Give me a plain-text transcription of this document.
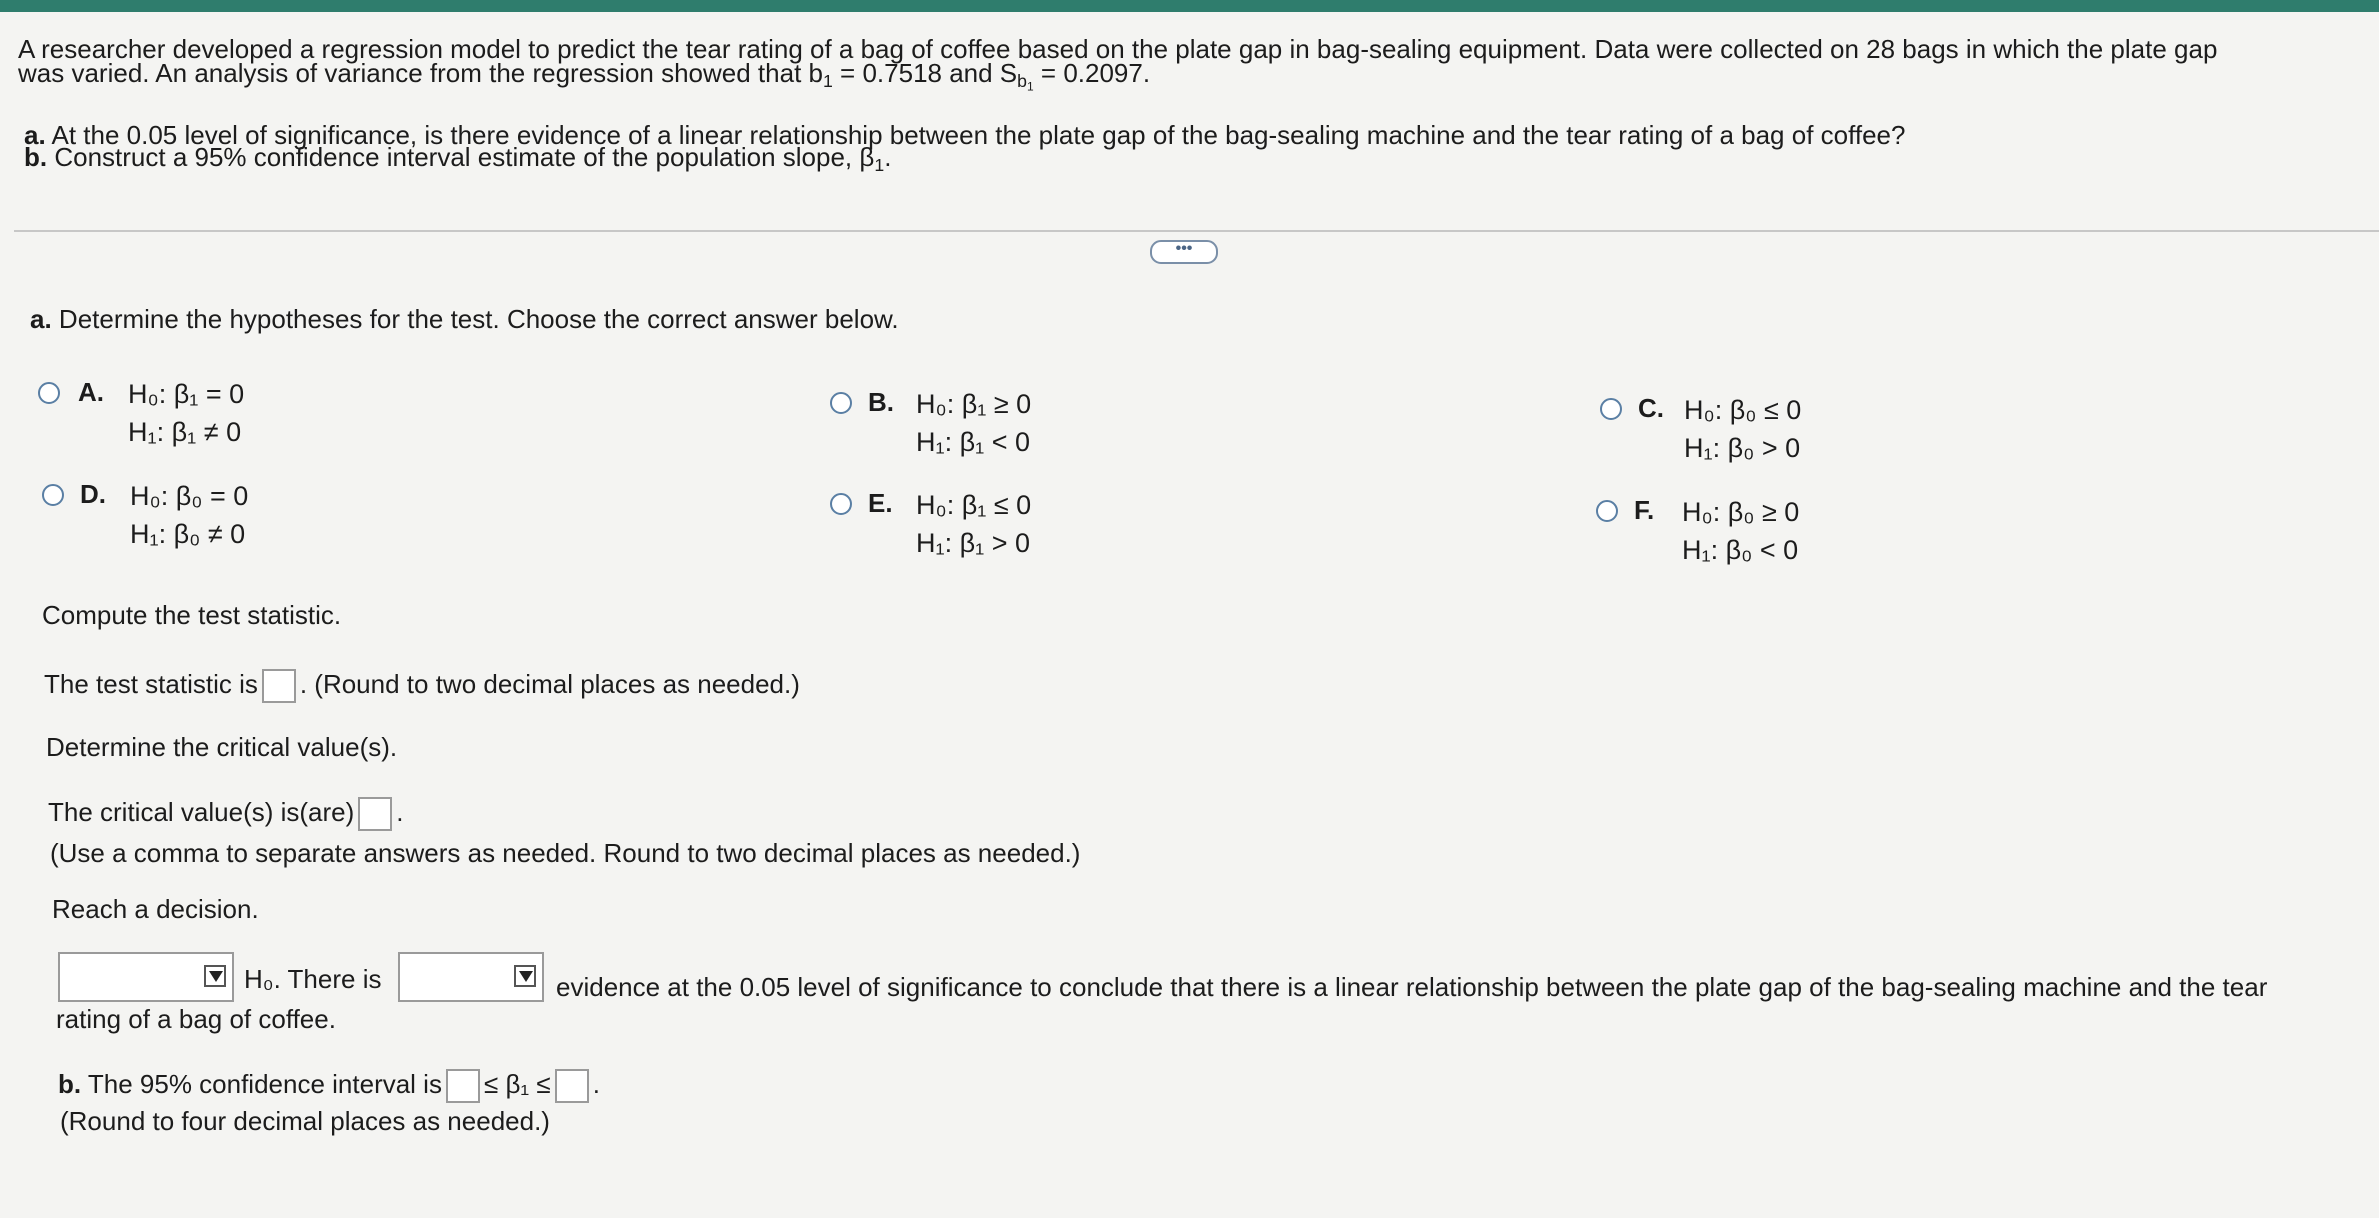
A researcher developed a regression model to predict the tear rating of a bag of coffee based on the plate gap in bag-sealing equipment. Data were collected on 28 bags in which the plate gap
was varied. An analysis of variance from the regression showed that $b_1 = 0.7518$ and $S_{b_1} = 0.2097$.
a. At the 0.05 level of significance, is there evidence of a linear relationship between the plate gap of the bag-sealing machine and the tear rating of a bag of coffee?
b. Construct a 95% confidence interval estimate of the population slope, $\beta_1$.
•••
a. Determine the hypotheses for the test. Choose the correct answer below.
A. H₀: β₁ = 0
H₁: β₁ ≠ 0
B. H₀: β₁ ≥ 0
H₁: β₁ < 0
C. H₀: β₀ ≤ 0
H₁: β₀ > 0
D. H₀: β₀ = 0
H₁: β₀ ≠ 0
E. H₀: β₁ ≤ 0
H₁: β₁ > 0
F. H₀: β₀ ≥ 0
H₁: β₀ < 0
Compute the test statistic.
The test statistic is . (Round to two decimal places as needed.)
Determine the critical value(s).
The critical value(s) is(are) .
(Use a comma to separate answers as needed. Round to two decimal places as needed.)
Reach a decision.
H₀. There is	evidence at the 0.05 level of significance to conclude that there is a linear relationship between the plate gap of the bag-sealing machine and the tear
rating of a bag of coffee.
b. The 95% confidence interval is ≤ β₁ ≤ .
(Round to four decimal places as needed.)
